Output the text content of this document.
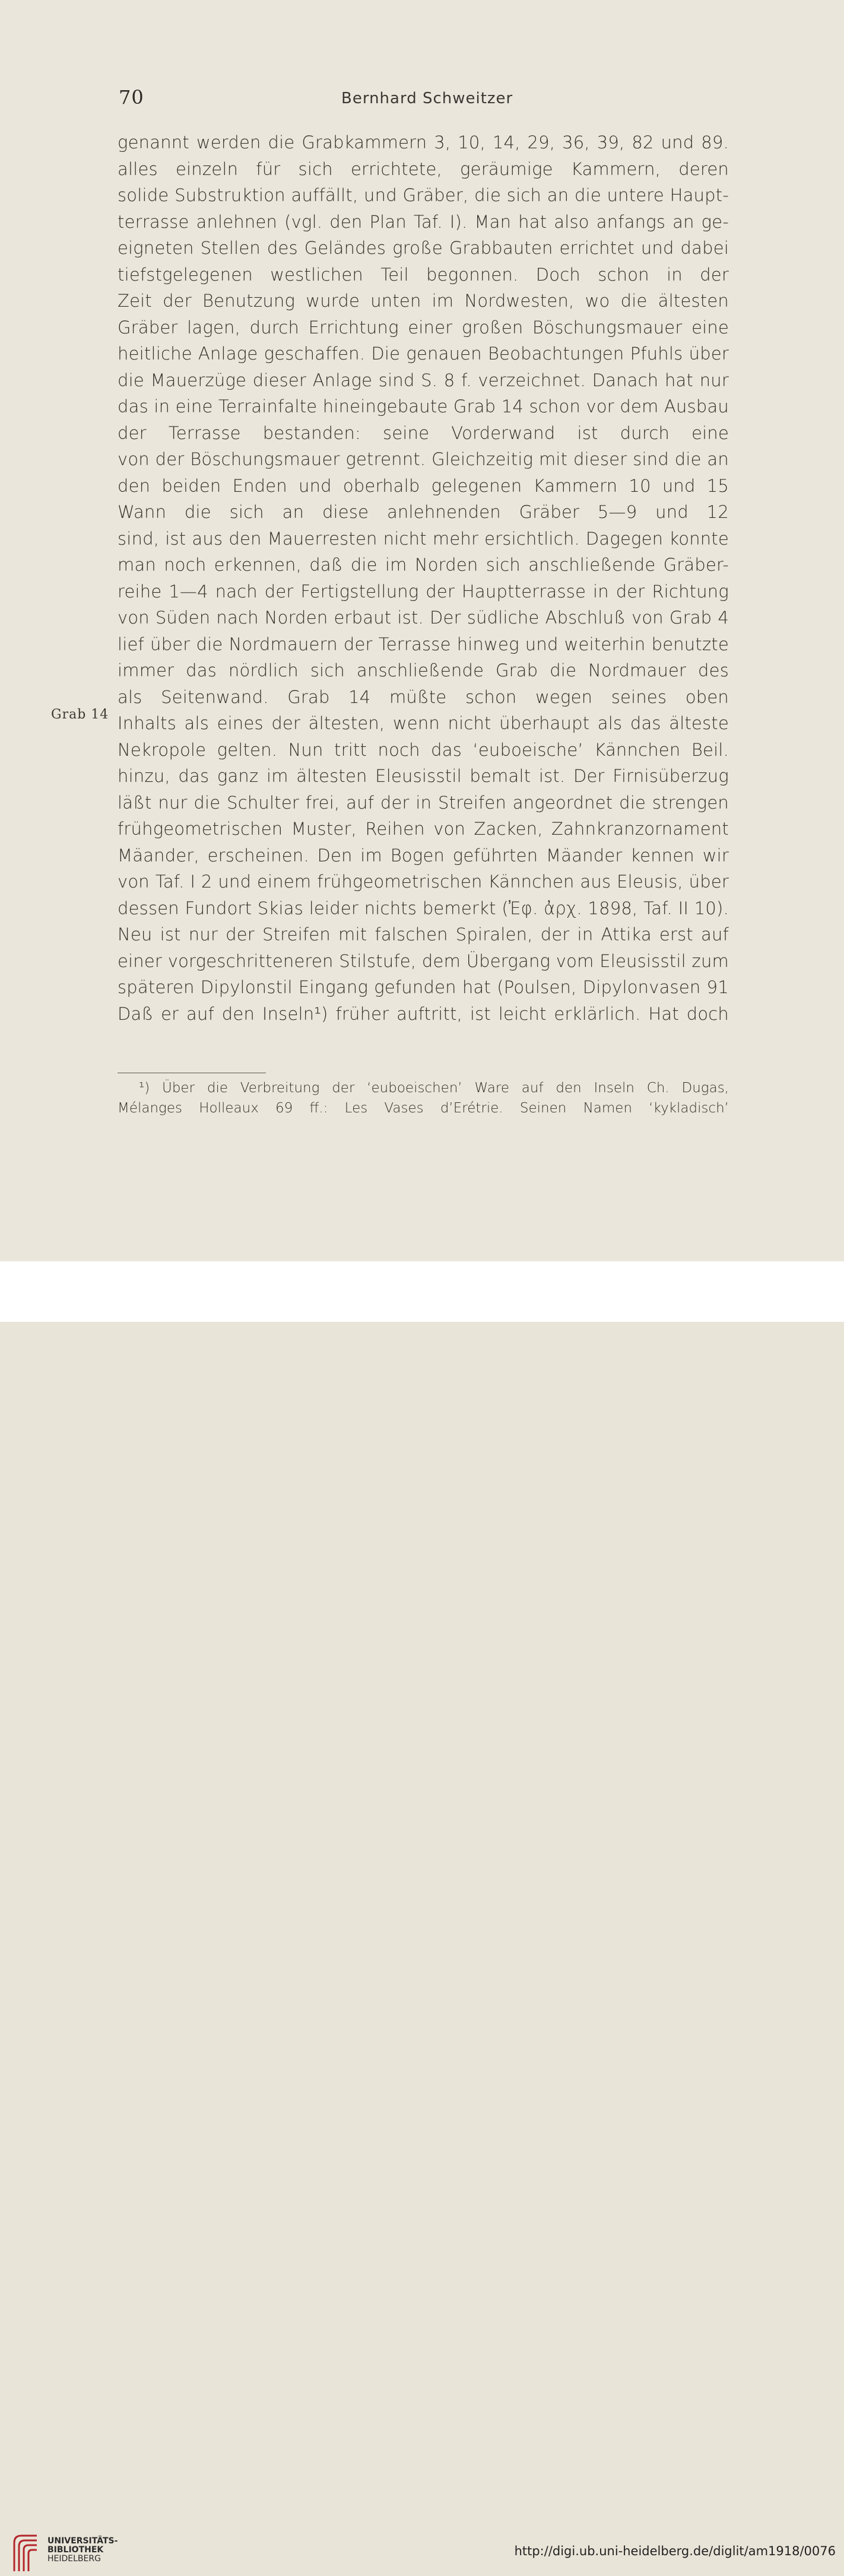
70	Bernhard Schweitzer
Grab 14
genannt werden die Grabkammern 3, 10, 14, 29, 36, 39, 82 und 89.
alles einzeln für sich errichtete, geräumige Kammern, deren
solide Substruktion auffällt, und Gräber, die sich an die untere Haupt-
terrasse anlehnen (vgl. den Plan Taf. I). Man hat also anfangs an ge-
eigneten Stellen des Geländes große Grabbauten errichtet und dabei
tiefstgelegenen westlichen Teil begonnen. Doch schon in der
Zeit der Benutzung wurde unten im Nordwesten, wo die ältesten
Gräber lagen, durch Errichtung einer großen Böschungsmauer eine
heitliche Anlage geschaffen. Die genauen Beobachtungen Pfuhls über
die Mauerzüge dieser Anlage sind S. 8 f. verzeichnet. Danach hat nur
das in eine Terrainfalte hineingebaute Grab 14 schon vor dem Ausbau
der Terrasse bestanden: seine Vorderwand ist durch eine
von der Böschungsmauer getrennt. Gleichzeitig mit dieser sind die an
den beiden Enden und oberhalb gelegenen Kammern 10 und 15
Wann die sich an diese anlehnenden Gräber 5—9 und 12
sind, ist aus den Mauerresten nicht mehr ersichtlich. Dagegen konnte
man noch erkennen, daß die im Norden sich anschließende Gräber-
reihe 1—4 nach der Fertigstellung der Hauptterrasse in der Richtung
von Süden nach Norden erbaut ist. Der südliche Abschluß von Grab 4
lief über die Nordmauern der Terrasse hinweg und weiterhin benutzte
immer das nördlich sich anschließende Grab die Nordmauer des
als Seitenwand. Grab 14 müßte schon wegen seines oben
Inhalts als eines der ältesten, wenn nicht überhaupt als das älteste
Nekropole gelten. Nun tritt noch das ‘euboeische’ Kännchen Beil.
hinzu, das ganz im ältesten Eleusisstil bemalt ist. Der Firnisüberzug
läßt nur die Schulter frei, auf der in Streifen angeordnet die strengen
frühgeometrischen Muster, Reihen von Zacken, Zahnkranzornament
Mäander, erscheinen. Den im Bogen geführten Mäander kennen wir
von Taf. I 2 und einem frühgeometrischen Kännchen aus Eleusis, über
dessen Fundort Skias leider nichts bemerkt (Ἐφ. ἀρχ. 1898, Taf. II 10).
Neu ist nur der Streifen mit falschen Spiralen, der in Attika erst auf
einer vorgeschritteneren Stilstufe, dem Übergang vom Eleusisstil zum
späteren Dipylonstil Eingang gefunden hat (Poulsen, Dipylonvasen 91
Daß er auf den Inseln¹) früher auftritt, ist leicht erklärlich. Hat doch
¹) Über die Verbreitung der ‘euboeischen’ Ware auf den Inseln Ch. Dugas,
Mélanges Holleaux 69 ff.: Les Vases d’Erétrie. Seinen Namen ‘kykladisch’
UNIVERSITÄTS-
BIBLIOTHEK
HEIDELBERG
http://digi.ub.uni-heidelberg.de/diglit/am1918/0076
